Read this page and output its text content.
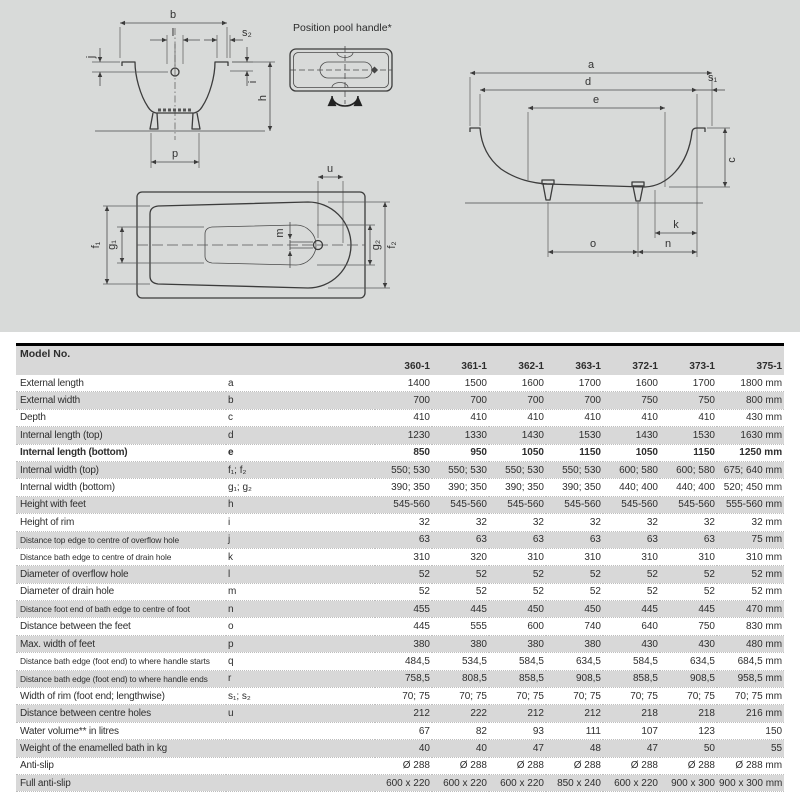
b
l	s₂
j
i
h
p
Position pool handle*
a
d	s₁
e
c
k
o	n
u
m
f₁ g₁	g₂ f₂
Model No.								
		360-1	361-1	362-1	363-1	372-1	373-1	375-1
External length	a	1400	1500	1600	1700	1600	1700	1800 mm
External width	b	700	700	700	700	750	750	800 mm
Depth	c	410	410	410	410	410	410	430 mm
Internal length (top)	d	1230	1330	1430	1530	1430	1530	1630 mm
Internal length (bottom)	e	850	950	1050	1150	1050	1150	1250 mm
Internal width (top)	f₁; f₂	550; 530	550; 530	550; 530	550; 530	600; 580	600; 580	675; 640 mm
Internal width (bottom)	g₁; g₂	390; 350	390; 350	390; 350	390; 350	440; 400	440; 400	520; 450 mm
Height with feet	h	545-560	545-560	545-560	545-560	545-560	545-560	555-560 mm
Height of rim	i	32	32	32	32	32	32	32 mm
Distance top edge to centre of overflow hole	j	63	63	63	63	63	63	75 mm
Distance bath edge to centre of drain hole	k	310	320	310	310	310	310	310 mm
Diameter of overflow hole	l	52	52	52	52	52	52	52 mm
Diameter of drain hole	m	52	52	52	52	52	52	52 mm
Distance foot end of bath edge to centre of foot	n	455	445	450	450	445	445	470 mm
Distance between the feet	o	445	555	600	740	640	750	830 mm
Max. width of feet	p	380	380	380	380	430	430	480 mm
Distance bath edge (foot end) to where handle starts	q	484,5	534,5	584,5	634,5	584,5	634,5	684,5 mm
Distance bath edge (foot end) to where handle ends	r	758,5	808,5	858,5	908,5	858,5	908,5	958,5 mm
Width of rim (foot end; lengthwise)	s₁; s₂	70; 75	70; 75	70; 75	70; 75	70; 75	70; 75	70; 75 mm
Distance between centre holes	u	212	222	212	212	218	218	216 mm
Water volume** in litres		67	82	93	111	107	123	150
Weight of the enamelled bath in kg		40	40	47	48	47	50	55
Anti-slip		Ø 288	Ø 288	Ø 288	Ø 288	Ø 288	Ø 288	Ø 288 mm
Full anti-slip		600 x 220	600 x 220	600 x 220	850 x 240	600 x 220	900 x 300	900 x 300 mm
